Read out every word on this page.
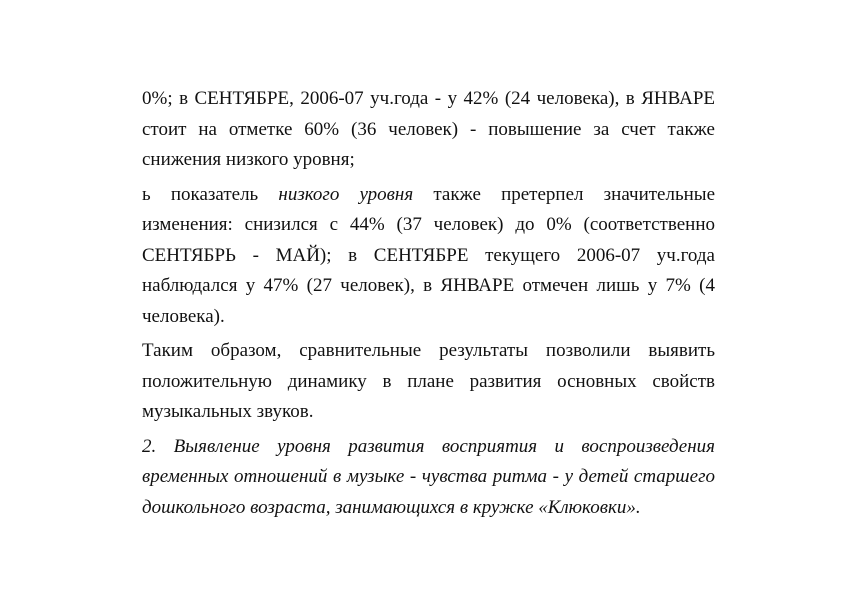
0%; в СЕНТЯБРЕ, 2006-07 уч.года - у 42% (24 человека), в ЯНВАРЕ стоит на отметке 60% (36 человек) - повышение за счет также снижения низкого уровня;

ь показатель низкого уровня также претерпел значительные изменения: снизился с 44% (37 человек) до 0% (соответственно СЕНТЯБРЬ - МАЙ); в СЕНТЯБРЕ текущего 2006-07 уч.года наблюдался у 47% (27 человек), в ЯНВАРЕ отмечен лишь у 7% (4 человека).

Таким образом, сравнительные результаты позволили выявить положительную динамику в плане развития основных свойств музыкальных звуков.

2. Выявление уровня развития восприятия и воспроизведения временных отношений в музыке - чувства ритма - у детей старшего дошкольного возраста, занимающихся в кружке «Клюковки».
